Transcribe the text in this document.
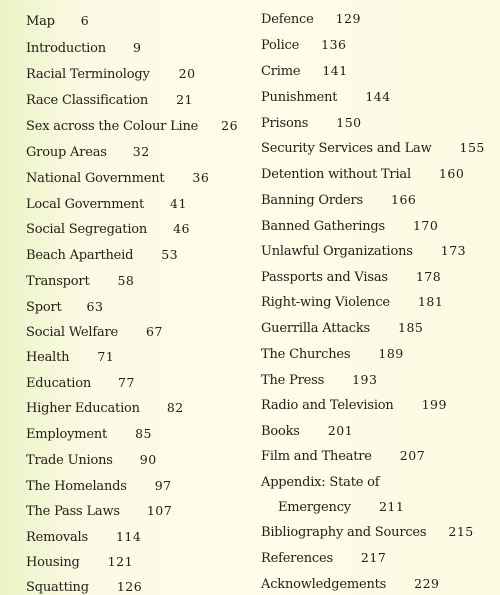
Map 6
Introduction 9
Racial Terminology 20
Race Classification 21
Sex across the Colour Line 26
Group Areas 32
National Government 36
Local Government 41
Social Segregation 46
Beach Apartheid 53
Transport 58
Sport 63
Social Welfare 67
Health 71
Education 77
Higher Education 82
Employment 85
Trade Unions 90
The Homelands 97
The Pass Laws 107
Removals 114
Housing 121
Squatting 126
Defence 129
Police 136
Crime 141
Punishment 144
Prisons 150
Security Services and Law 155
Detention without Trial 160
Banning Orders 166
Banned Gatherings 170
Unlawful Organizations 173
Passports and Visas 178
Right-wing Violence 181
Guerrilla Attacks 185
The Churches 189
The Press 193
Radio and Television 199
Books 201
Film and Theatre 207
Appendix: State of
Emergency 211
Bibliography and Sources 215
References 217
Acknowledgements 229
